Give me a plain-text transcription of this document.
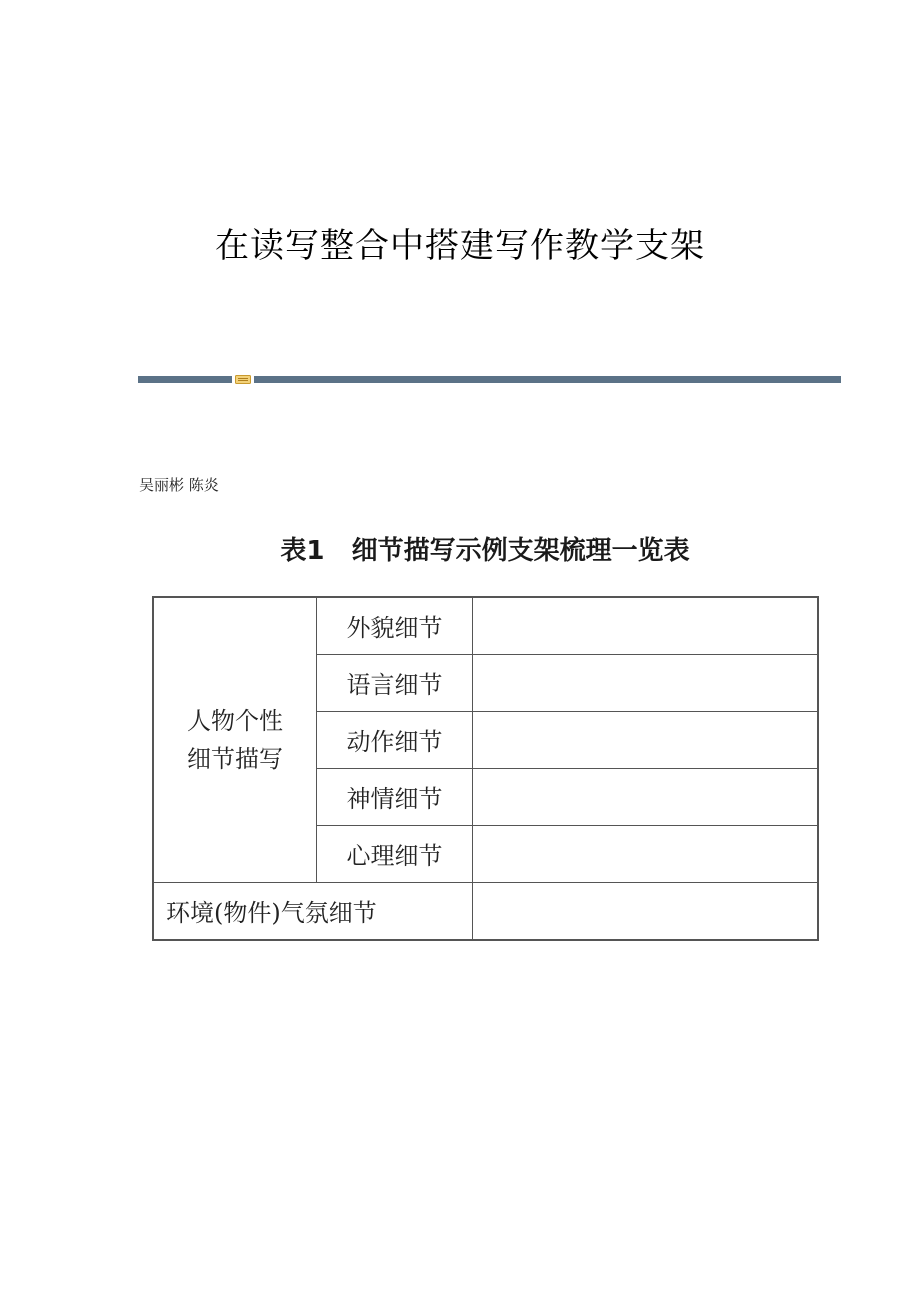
在读写整合中搭建写作教学支架
吴丽彬 陈炎
表1   细节描写示例支架梳理一览表
人物个性
细节描写	外貌细节	
	语言细节	
	动作细节	
	神情细节	
	心理细节	
环境(物件)气氛细节		
